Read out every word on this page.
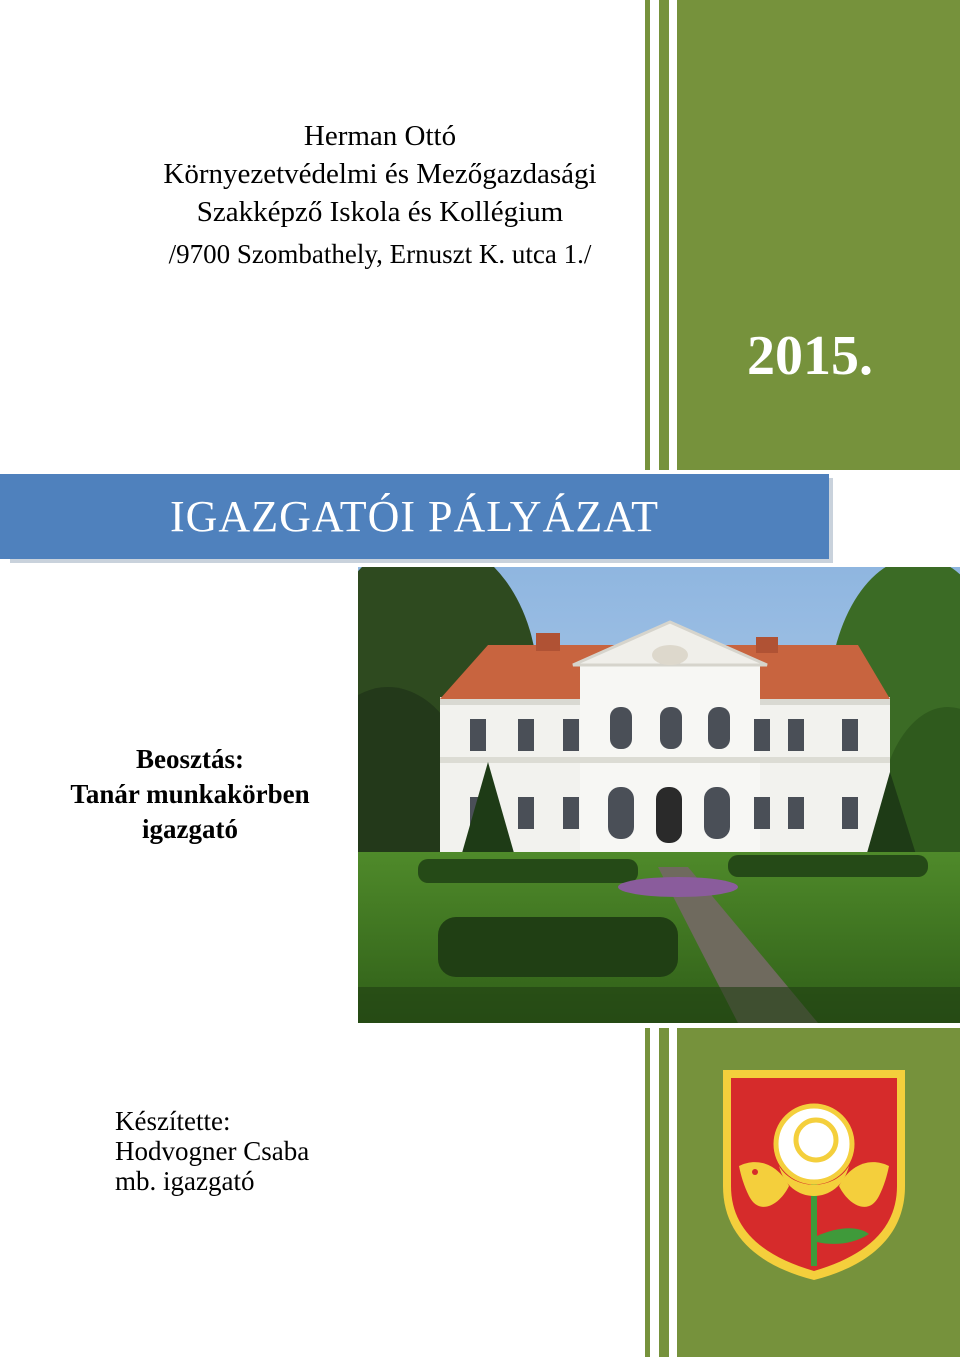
Herman Ottó
Környezetvédelmi és Mezőgazdasági
Szakképző Iskola és Kollégium
/9700 Szombathely, Ernuszt K. utca 1./
2015.
IGAZGATÓI PÁLYÁZAT
Beosztás:
Tanár munkakörben
igazgató
Készítette:
Hodvogner Csaba
mb. igazgató
